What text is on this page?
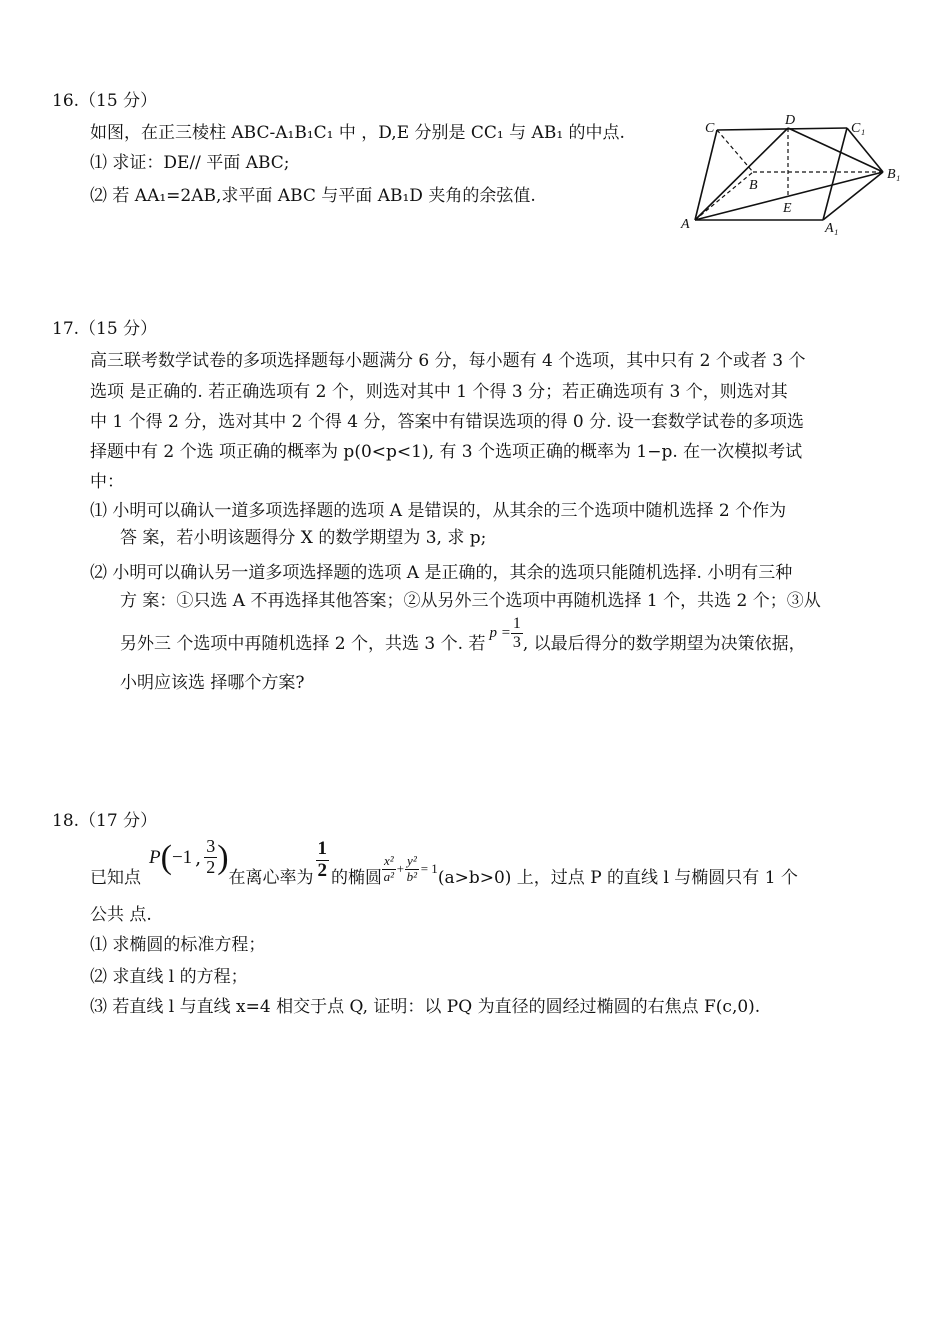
16.（15 分）
如图，在正三棱柱 ABC-A₁B₁C₁ 中 ，D,E 分别是 CC₁ 与 AB₁ 的中点.
⑴ 求证：DE// 平面 ABC;
⑵ 若 AA₁=2AB,求平面 ABC 与平面 AB₁D 夹角的余弦值.
C
D
C₁
B
B₁
E
A	A₁
17.（15 分）
高三联考数学试卷的多项选择题每小题满分 6 分，每小题有 4 个选项，其中只有 2 个或者 3 个
选项 是正确的. 若正确选项有 2 个，则选对其中 1 个得 3 分；若正确选项有 3 个，则选对其
中 1 个得 2 分，选对其中 2 个得 4 分，答案中有错误选项的得 0 分. 设一套数学试卷的多项选
择题中有 2 个选 项正确的概率为 p(0<p<1), 有 3 个选项正确的概率为 1−p. 在一次模拟考试
中：
⑴ 小明可以确认一道多项选择题的选项 A 是错误的，从其余的三个选项中随机选择 2 个作为
答 案，若小明该题得分 X 的数学期望为 3, 求 p;
⑵ 小明可以确认另一道多项选择题的选项 A 是正确的，其余的选项只能随机选择. 小明有三种
方 案：①只选 A 不再选择其他答案；②从另外三个选项中再随机选择 1 个，共选 2 个；③从
另外三 个选项中再随机选择 2 个，共选 3 个. 若
$p = \frac{1}{3}$ , 以最后得分的数学期望为决策依据，
小明应该选 择哪个方案?
18.（17 分）
已知点
P ( −1 , $\frac{3}{2}$ )
在离心率为 $\frac{1}{2}$ 的椭圆 $\frac{\text{x²}}{\text{a²}} + \frac{\text{y²}}{\text{b²}} = 1$ (a>b>0) 上，过点 P 的直线 l 与椭圆只有 1 个
公共 点.
⑴ 求椭圆的标准方程；
⑵ 求直线 l 的方程；
⑶ 若直线 l 与直线 x=4 相交于点 Q, 证明：以 PQ 为直径的圆经过椭圆的右焦点 F(c,0).
